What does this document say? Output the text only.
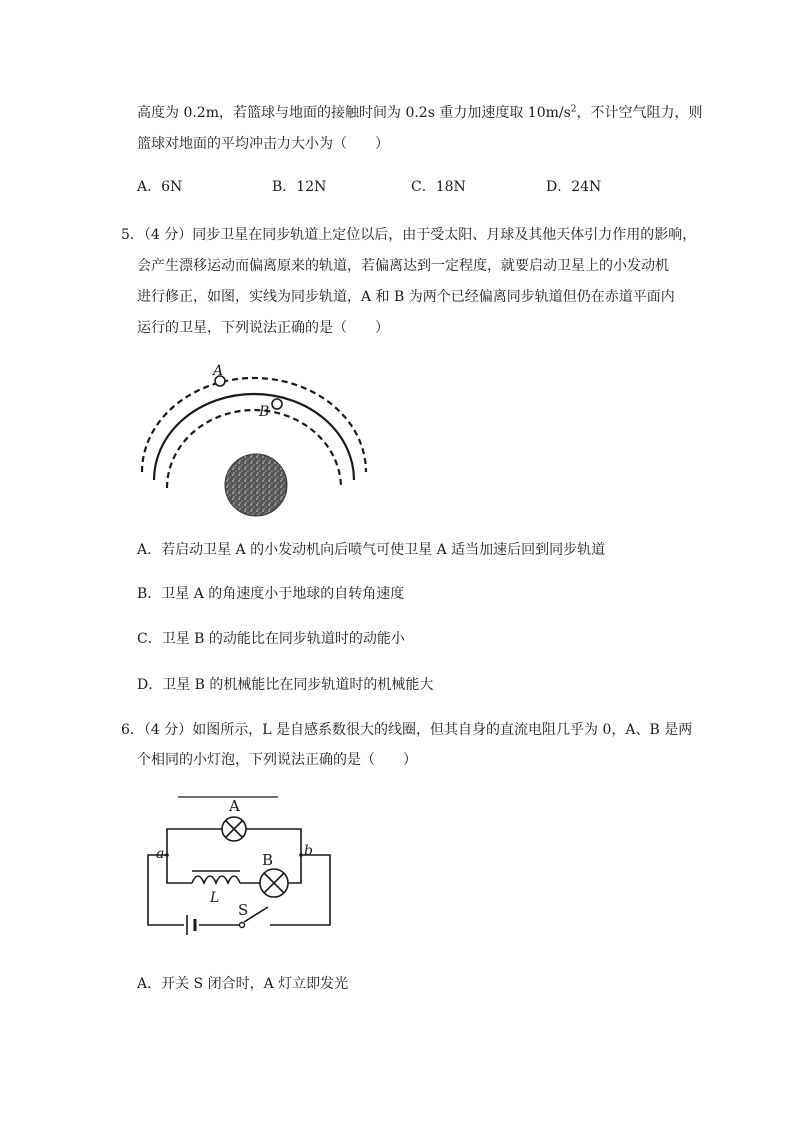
高度为 0.2m，若篮球与地面的接触时间为 0.2s 重力加速度取 $10m/s^2$，不计空气阻力，则
篮球对地面的平均冲击力大小为（　　）
A．6N	B．12N	C．18N	D．24N
5．（4 分）同步卫星在同步轨道上定位以后，由于受太阳、月球及其他天体引力作用的影响，
会产生漂移运动而偏离原来的轨道，若偏离达到一定程度，就要启动卫星上的小发动机
进行修正，如图，实线为同步轨道，A 和 B 为两个已经偏离同步轨道但仍在赤道平面内
运行的卫星，下列说法正确的是（　　）
A
B
A．若启动卫星 A 的小发动机向后喷气可使卫星 A 适当加速后回到同步轨道
B．卫星 A 的角速度小于地球的自转角速度
C．卫星 B 的动能比在同步轨道时的动能小
D．卫星 B 的机械能比在同步轨道时的机械能大
6．（4 分）如图所示，L 是自感系数很大的线圈，但其自身的直流电阻几乎为 0，A、B 是两
个相同的小灯泡，下列说法正确的是（　　）
A
L
B
a	b
S
A．开关 S 闭合时，A 灯立即发光
